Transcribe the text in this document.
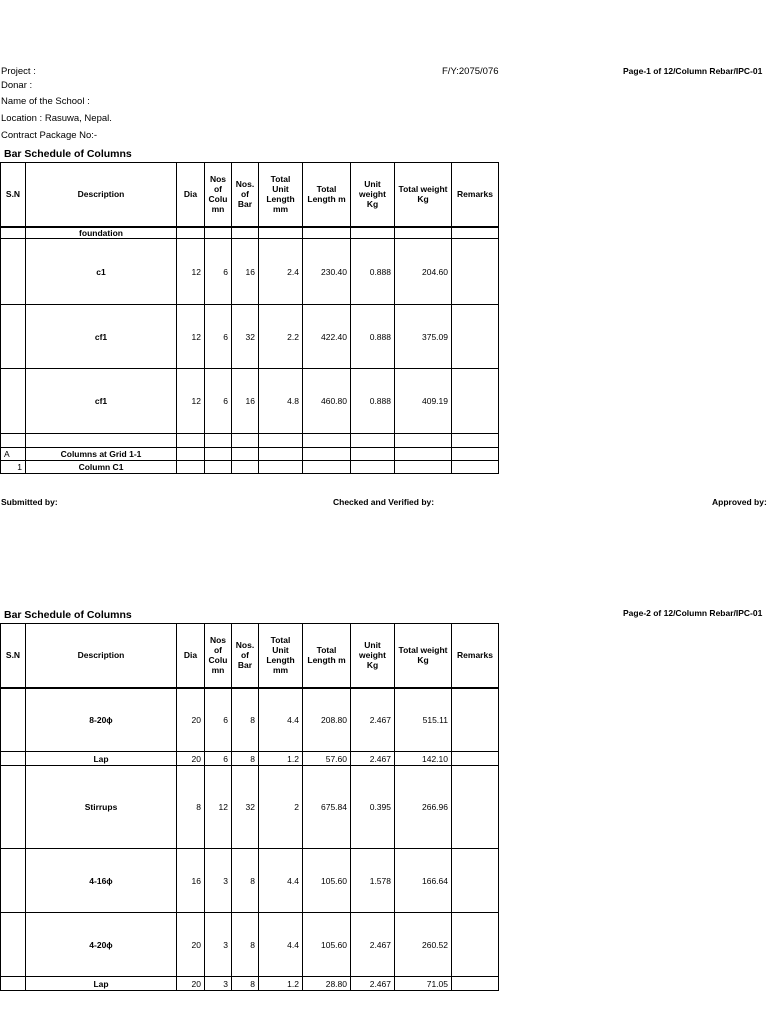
Project :
Donar :
Name of the School :
Location : Rasuwa, Nepal.
Contract Package No:-
F/Y:2075/076	Page-1 of 12/Column Rebar/IPC-01
Bar Schedule of Columns
S.N	Description	Dia	Nos of Colu mn	Nos. of Bar	Total Unit Length mm	Total Length m	Unit weight Kg	Total weight Kg	Remarks
	foundation								
	c1	12	6	16	2.4	230.40	0.888	204.60	
	cf1	12	6	32	2.2	422.40	0.888	375.09	
	cf1	12	6	16	4.8	460.80	0.888	409.19	

A	Columns at Grid 1-1								
1	Column C1								
Submitted by:	Checked and Verified by:	Approved by:
Bar Schedule of Columns	Page-2 of 12/Column Rebar/IPC-01
S.N	Description	Dia	Nos of Colu mn	Nos. of Bar	Total Unit Length mm	Total Length m	Unit weight Kg	Total weight Kg	Remarks
	8-20ϕ	20	6	8	4.4	208.80	2.467	515.11	
	Lap	20	6	8	1.2	57.60	2.467	142.10	
	Stirrups	8	12	32	2	675.84	0.395	266.96	
	4-16ϕ	16	3	8	4.4	105.60	1.578	166.64	
	4-20ϕ	20	3	8	4.4	105.60	2.467	260.52	
	Lap	20	3	8	1.2	28.80	2.467	71.05	
